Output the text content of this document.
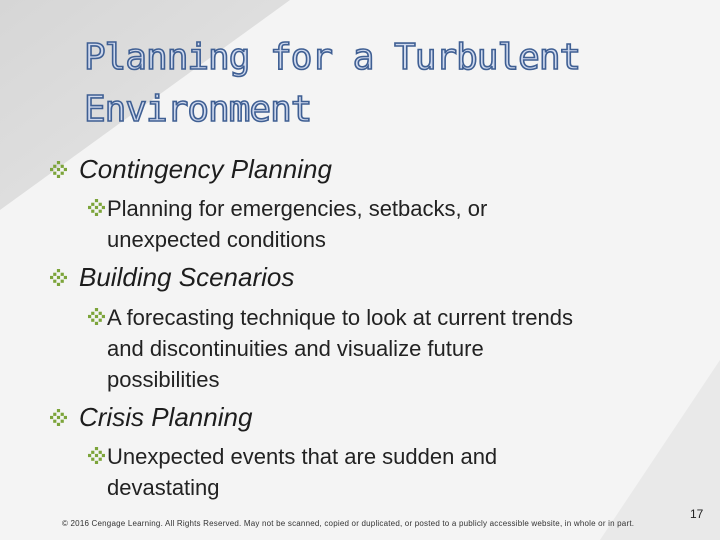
Planning for a Turbulent
Environment
Contingency Planning
Planning for emergencies, setbacks, or
unexpected conditions
Building Scenarios
A forecasting technique to look at current trends
and discontinuities and visualize future
possibilities
Crisis Planning
Unexpected events that are sudden and
devastating
© 2016 Cengage Learning. All Rights Reserved. May not be scanned, copied or duplicated, or posted to a publicly accessible website, in whole or in part.
17
